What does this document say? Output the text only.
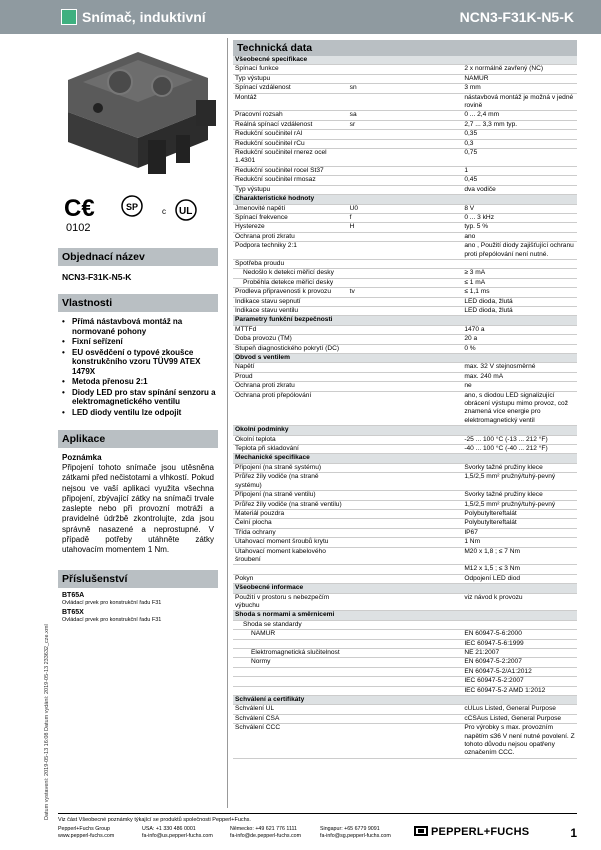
Snímač, induktivní	NCN3-F31K-N5-K
Datum vystavení: 2019-05-13 16:08 Datum vydání: 2019-05-13 233632_cze.xml
C€	SP	UL
c
0102
Objednací název
NCN3-F31K-N5-K
Vlastnosti
• Přímá nástavbová montáž na normované pohony
• Fixní seřízení
• EU osvědčení o typové zkoušce konstrukčního vzoru TÜV99 ATEX 1479X
• Metoda přenosu 2:1
• Diody LED pro stav spínání senzoru a elektromagnetického ventilu
• LED diody ventilu lze odpojit
Aplikace
Poznámka
Připojení tohoto snímače jsou utěsněna zátkami před nečistotami a vlhkostí. Pokud nejsou ve vaší aplikaci využita všechna připojení, zbývající zátky na snímači trvale zaslepte nebo při provozní motráži a pravidelné údržbě zkontrolujte, zda jsou správně nasazené a neprostupné. V případě potřeby utáhněte zátky utahovacím momentem 1 Nm.
Příslušenství
BT65A
Ovládací prvek pro konstrukční řadu F31
BT65X
Ovládací prvek pro konstrukční řadu F31
Technická data
Všeobecné specifikace		
Spínací funkce		2 x normálně zavřený (NC)
Typ výstupu		NAMUR
Spínací vzdálenost	sn	3 mm
Montáž		nástavbová montáž je možná v jedné rovině
Pracovní rozsah	sa	0 ... 2,4 mm
Reálná spínací vzdálenost	sr	2,7 ... 3,3 mm typ.
Redukční součinitel rAl		0,35
Redukční součinitel rCu		0,3
Redukční součinitel rnerez ocel 1.4301		0,75
Redukční součinitel rocel St37		1
Redukční součinitel rmosaz		0,45
Typ výstupu		dva vodiče
Charakteristické hodnoty		
Jmenovité napětí	U0	8 V
Spínací frekvence	f	0 ... 3 kHz
Hystereze	H	typ. 5 %
Ochrana proti zkratu		ano
Podpora techniky 2:1		ano , Použití diody zajišťující ochranu proti přepólování není nutné.
Spotřeba proudu		
Nedošlo k detekci měřicí desky		≥ 3 mA
Proběhla detekce měřicí desky		≤ 1 mA
Prodleva připravenosti k provozu	tv	≤ 1,1 ms
Indikace stavu sepnutí		LED dioda, žlutá
Indikace stavu ventilu		LED dioda, žlutá
Parametry funkční bezpečnosti		
MTTFd		1470 a
Doba provozu (TM)		20 a
Stupeň diagnostického pokrytí (DC)		0 %
Obvod s ventilem		
Napětí		max. 32 V stejnosměrné
Proud		max. 240 mA
Ochrana proti zkratu		ne
Ochrana proti přepólování		ano, s diodou LED signalizující obrácení výstupu mimo provoz, což znamená více energie pro elektromagnetický ventil
Okolní podmínky		
Okolní teplota		-25 ... 100 °C (-13 ... 212 °F)
Teplota při skladování		-40 ... 100 °C (-40 ... 212 °F)
Mechanické specifikace		
Připojení (na straně systému)		Svorky tažné pružiny klece
Průřez žíly vodiče (na straně systému)		1,5/2,5 mm² pružný/tuhý-pevný
Připojení (na straně ventilu)		Svorky tažné pružiny klece
Průřez žíly vodiče (na straně ventilu)		1,5/2,5 mm² pružný/tuhý-pevný
Materiál pouzdra		Polybutyltereftalát
Čelní plocha		Polybutyltereftalát
Třída ochrany		IP67
Utahovací moment šroubů krytu		1 Nm
Utahovací moment kabelového šroubení		M20 x 1,8 ; ≤ 7 Nm
		M12 x 1,5 ; ≤ 3 Nm
Pokyn		Odpojení LED diod
Všeobecné informace		
Použití v prostoru s nebezpečím výbuchu		viz návod k provozu
Shoda s normami a směrnicemi		
Shoda se standardy		
NAMUR		EN 60947-5-6:2000
		IEC 60947-5-6:1999
Elektromagnetická slučitelnost		NE 21:2007
Normy		EN 60947-5-2:2007
		EN 60947-5-2/A1:2012
		IEC 60947-5-2:2007
		IEC 60947-5-2 AMD 1:2012
Schválení a certifikáty		
Schválení UL		cULus Listed, General Purpose
Schválení CSA		cCSAus Listed, General Purpose
Schválení CCC		Pro výrobky s max. provozním napětím ≤36 V není nutné povolení. Z tohoto důvodu nejsou opatřeny označením CCC.
Viz část Všeobecné poznámky týkající se produktů společnosti Pepperl+Fuchs.
Pepperl+Fuchs Group
www.pepperl-fuchs.com
USA: +1 330 486 0001
fa-info@us.pepperl-fuchs.com
Německo: +49 621 776 1111
fa-info@de.pepperl-fuchs.com
Singapur: +65 6779 9091
fa-info@sg.pepperl-fuchs.com	PEPPERL+FUCHS	1
